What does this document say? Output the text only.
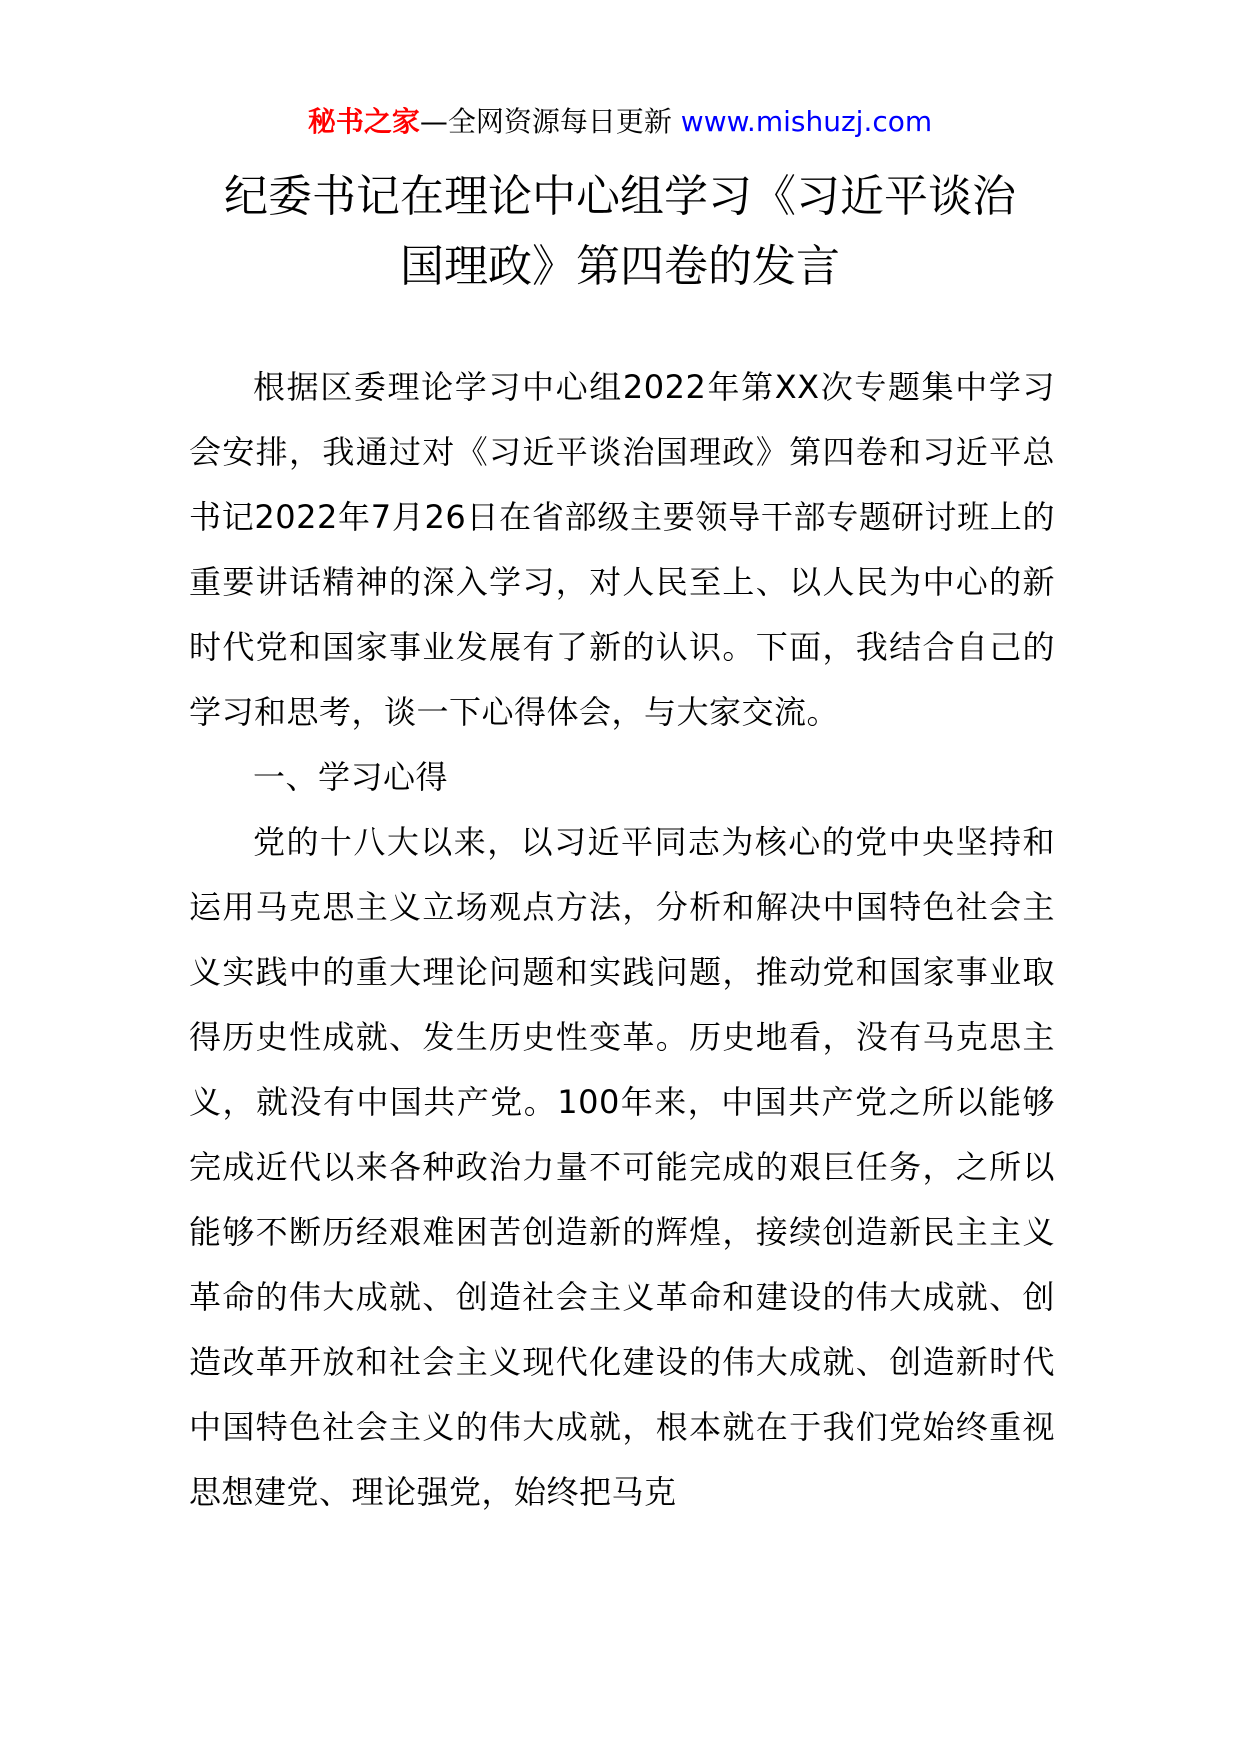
秘书之家—全网资源每日更新 www.mishuzj.com
纪委书记在理论中心组学习《习近平谈治
国理政》第四卷的发言

根据区委理论学习中心组2022年第XX次专题集中学习会安排，我通过对《习近平谈治国理政》第四卷和习近平总书记2022年7月26日在省部级主要领导干部专题研讨班上的重要讲话精神的深入学习，对人民至上、以人民为中心的新时代党和国家事业发展有了新的认识。下面，我结合自己的学习和思考，谈一下心得体会，与大家交流。

一、学习心得

党的十八大以来，以习近平同志为核心的党中央坚持和运用马克思主义立场观点方法，分析和解决中国特色社会主义实践中的重大理论问题和实践问题，推动党和国家事业取得历史性成就、发生历史性变革。历史地看，没有马克思主义，就没有中国共产党。100年来，中国共产党之所以能够完成近代以来各种政治力量不可能完成的艰巨任务，之所以能够不断历经艰难困苦创造新的辉煌，接续创造新民主主义革命的伟大成就、创造社会主义革命和建设的伟大成就、创造改革开放和社会主义现代化建设的伟大成就、创造新时代中国特色社会主义的伟大成就，根本就在于我们党始终重视思想建党、理论强党，始终把马克
